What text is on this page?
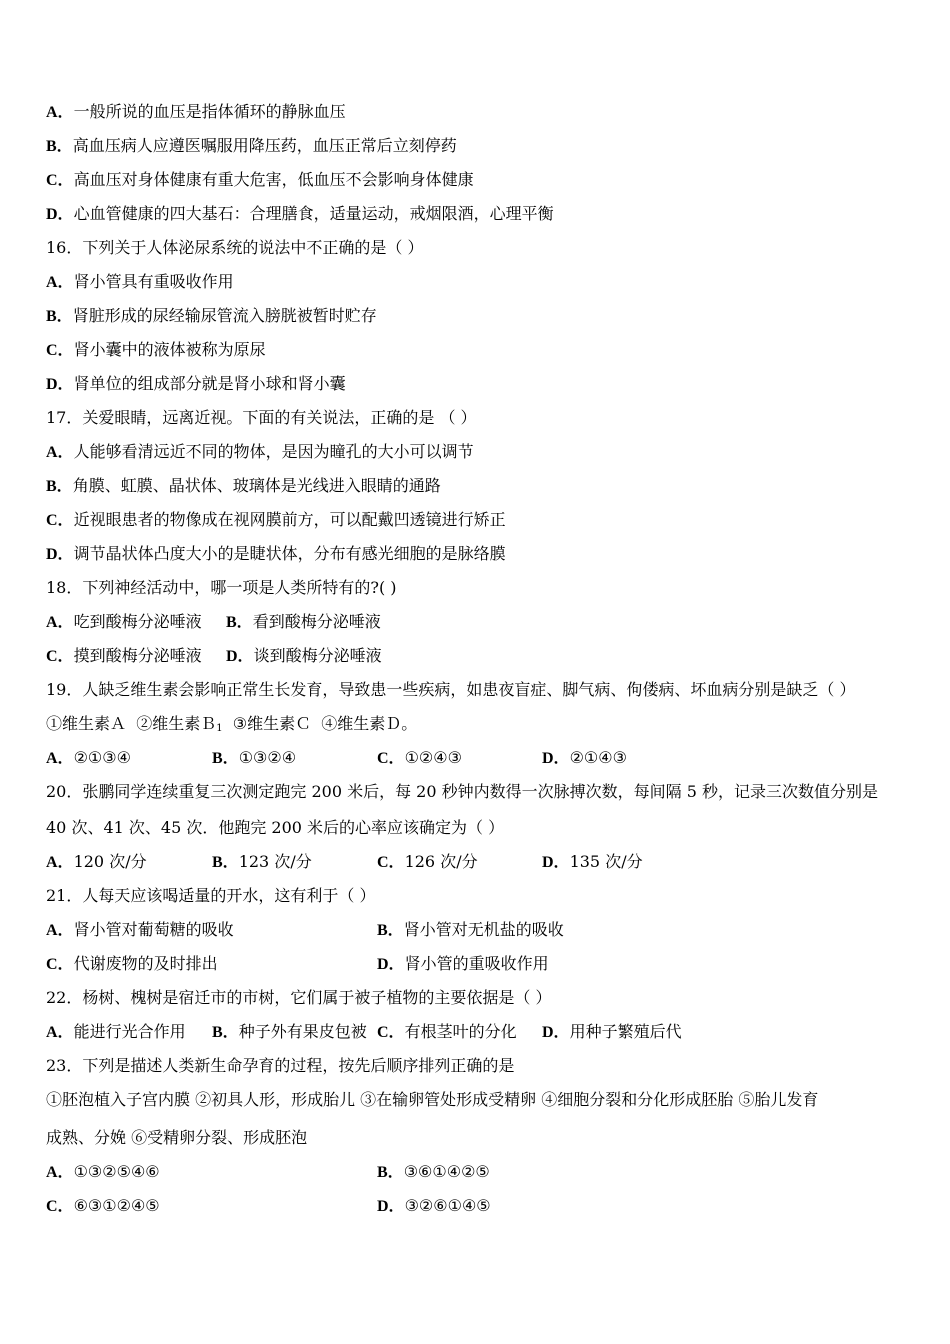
A．一般所说的血压是指体循环的静脉血压
B．高血压病人应遵医嘱服用降压药，血压正常后立刻停药
C．高血压对身体健康有重大危害，低血压不会影响身体健康
D．心血管健康的四大基石：合理膳食，适量运动，戒烟限酒，心理平衡
16．下列关于人体泌尿系统的说法中不正确的是（ ）
A．肾小管具有重吸收作用
B．肾脏形成的尿经输尿管流入膀胱被暂时贮存
C．肾小囊中的液体被称为原尿
D．肾单位的组成部分就是肾小球和肾小囊
17．关爱眼睛，远离近视。下面的有关说法，正确的是 （ ）
A．人能够看清远近不同的物体，是因为瞳孔的大小可以调节
B．角膜、虹膜、晶状体、玻璃体是光线进入眼睛的通路
C．近视眼患者的物像成在视网膜前方，可以配戴凹透镜进行矫正
D．调节晶状体凸度大小的是睫状体，分布有感光细胞的是脉络膜
18．下列神经活动中，哪一项是人类所特有的?( )
A．吃到酸梅分泌唾液 B．看到酸梅分泌唾液
C．摸到酸梅分泌唾液 D．谈到酸梅分泌唾液
19．人缺乏维生素会影响正常生长发育，导致患一些疾病，如患夜盲症、脚气病、佝偻病、坏血病分别是缺乏（ ）
①维生素Ａ ②维生素Ｂ$_1$ ③维生素Ｃ ④维生素Ｄ。
A．②①③④	B．①③②④	C．①②④③	D．②①④③
20．张鹏同学连续重复三次测定跑完 200 米后，每 20 秒钟内数得一次脉搏次数，每间隔 5 秒，记录三次数值分别是
40 次、41 次、45 次．他跑完 200 米后的心率应该确定为（ ）
A．120 次/分	B．123 次/分	C．126 次/分	D．135 次/分
21．人每天应该喝适量的开水，这有利于（ ）
A．肾小管对葡萄糖的吸收	B．肾小管对无机盐的吸收
C．代谢废物的及时排出	D．肾小管的重吸收作用
22．杨树、槐树是宿迁市的市树，它们属于被子植物的主要依据是（ ）
A．能进行光合作用 B．种子外有果皮包被 C．有根茎叶的分化 D．用种子繁殖后代
23．下列是描述人类新生命孕育的过程，按先后顺序排列正确的是
①胚泡植入子宫内膜 ②初具人形，形成胎儿 ③在输卵管处形成受精卵 ④细胞分裂和分化形成胚胎 ⑤胎儿发育
成熟、分娩 ⑥受精卵分裂、形成胚泡
A．①③②⑤④⑥	B．③⑥①④②⑤
C．⑥③①②④⑤	D．③②⑥①④⑤
